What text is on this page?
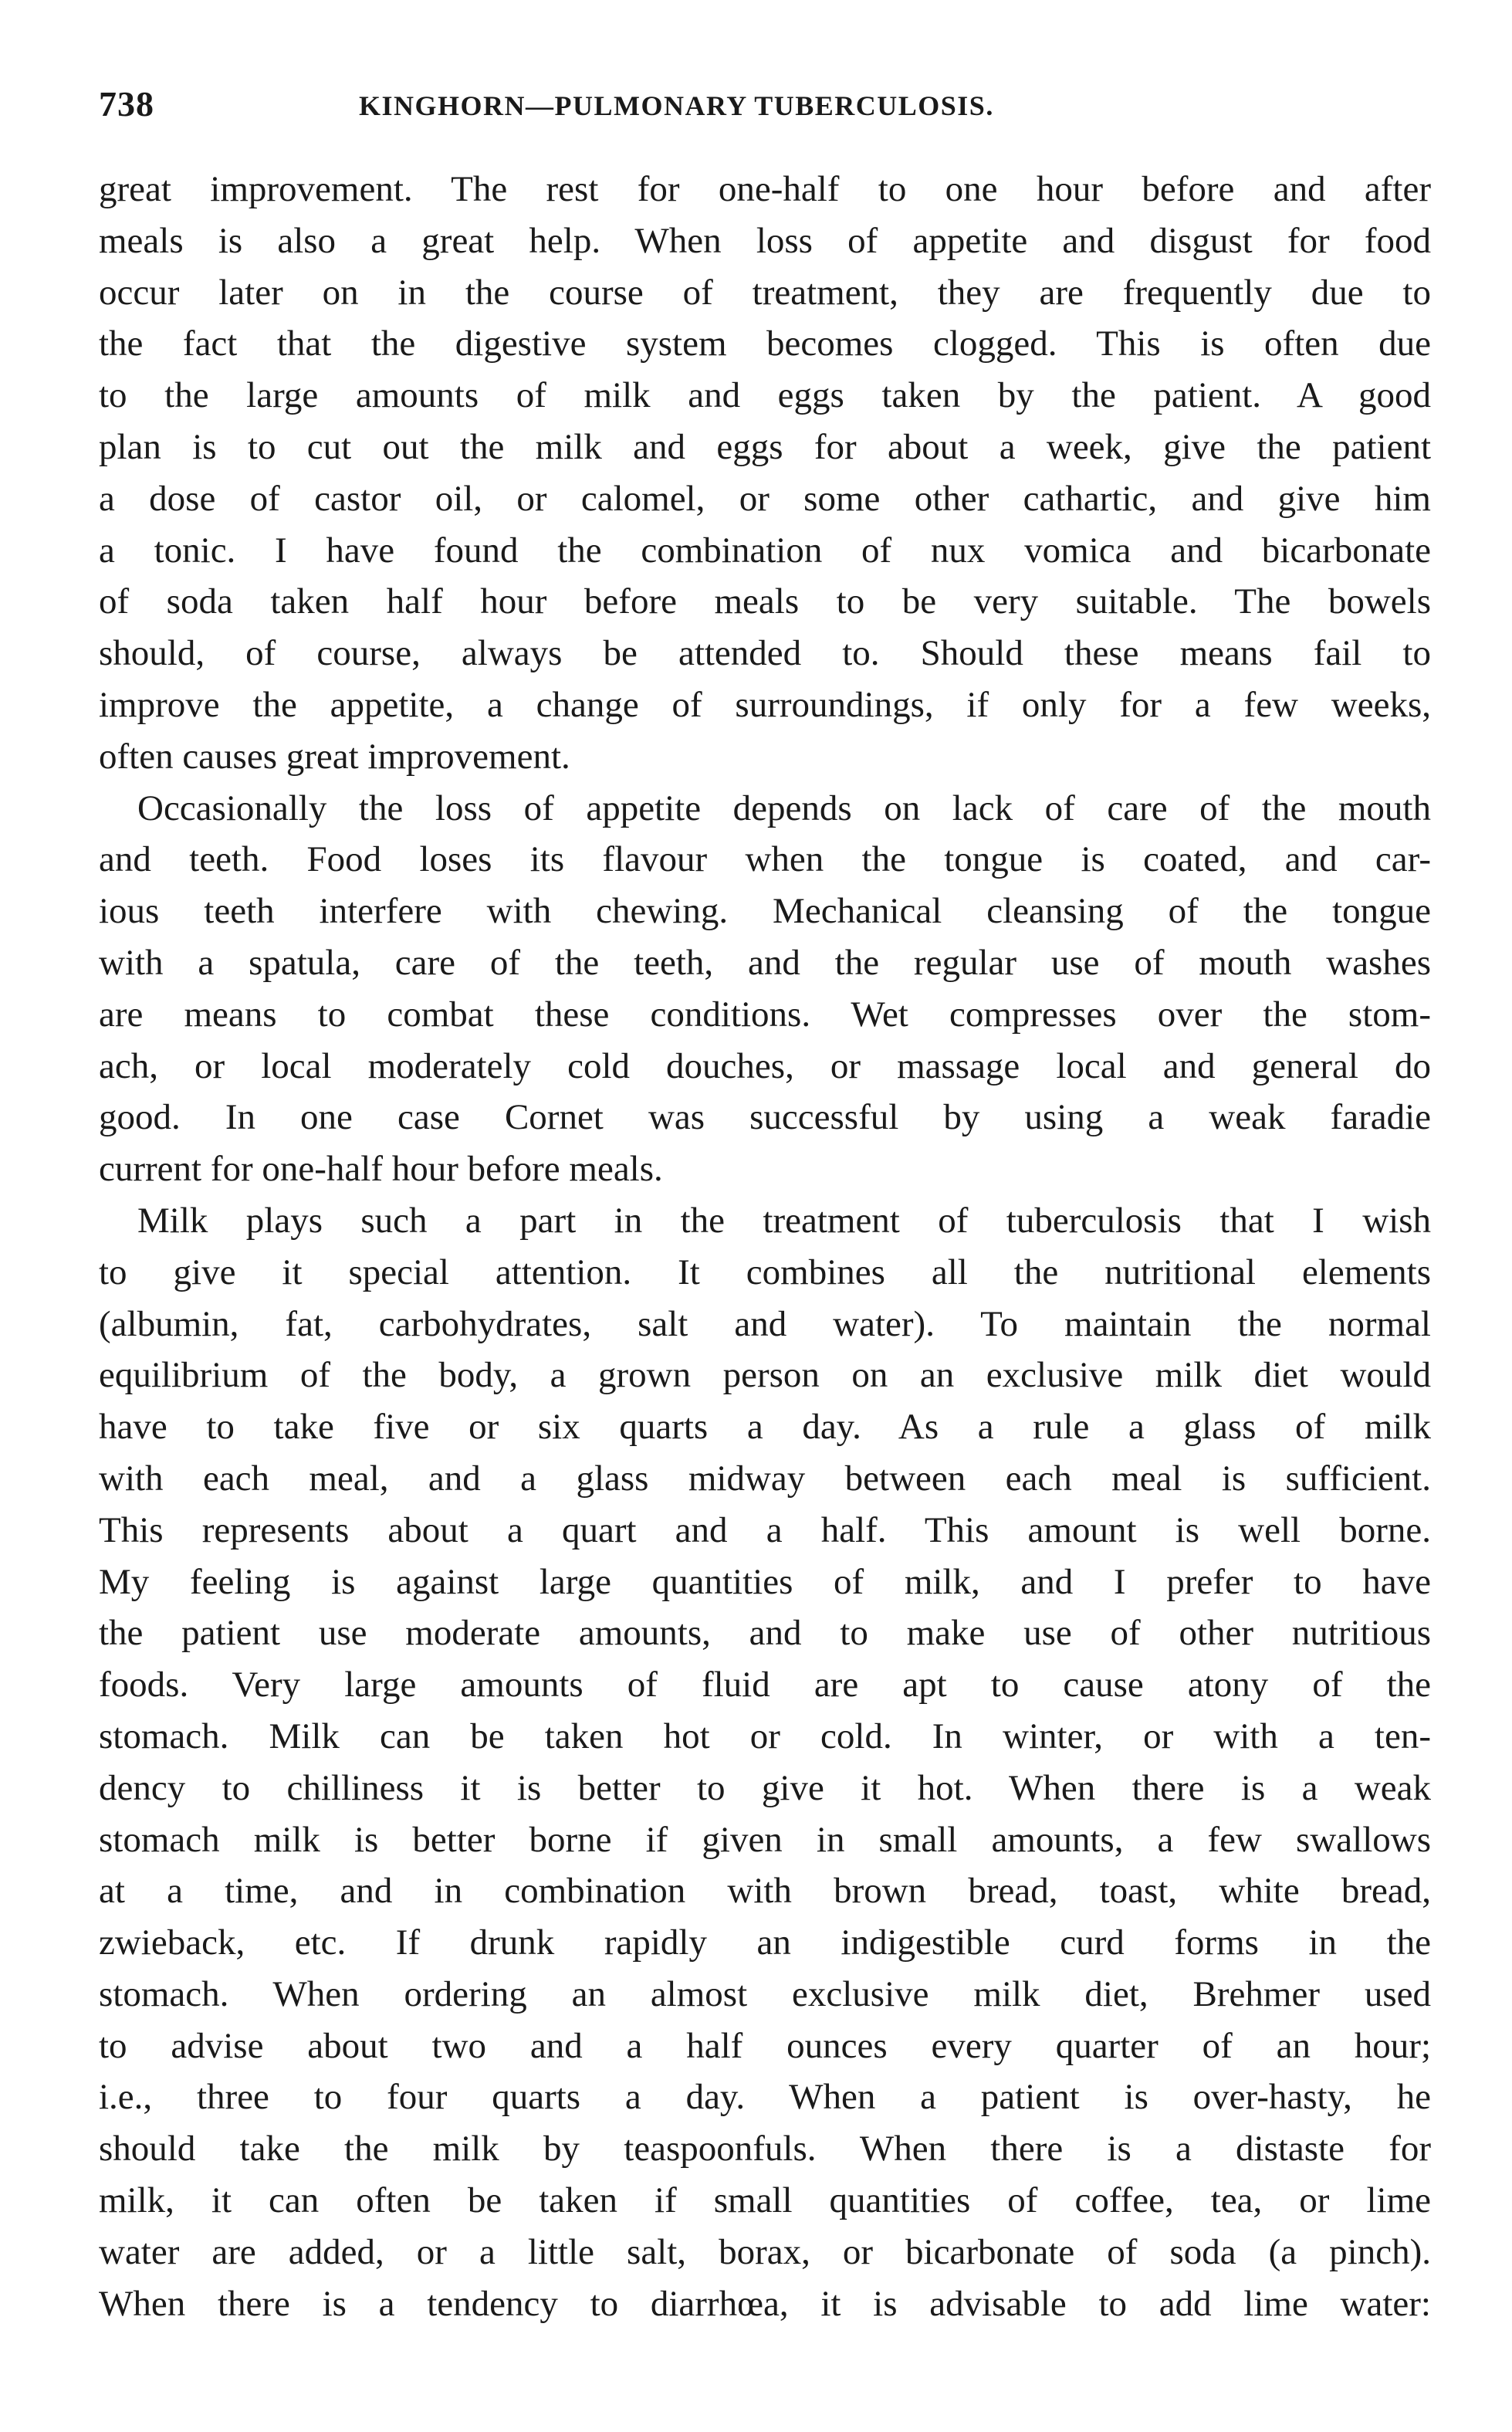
738	KINGHORN—PULMONARY TUBERCULOSIS.

great improvement. The rest for one-half to one hour before and after
meals is also a great help. When loss of appetite and disgust for food
occur later on in the course of treatment, they are frequently due to
the fact that the digestive system becomes clogged. This is often due
to the large amounts of milk and eggs taken by the patient. A good
plan is to cut out the milk and eggs for about a week, give the patient
a dose of castor oil, or calomel, or some other cathartic, and give him
a tonic. I have found the combination of nux vomica and bicarbonate
of soda taken half hour before meals to be very suitable. The bowels
should, of course, always be attended to. Should these means fail to
improve the appetite, a change of surroundings, if only for a few weeks,
often causes great improvement.

Occasionally the loss of appetite depends on lack of care of the mouth
and teeth. Food loses its flavour when the tongue is coated, and car-
ious teeth interfere with chewing. Mechanical cleansing of the tongue
with a spatula, care of the teeth, and the regular use of mouth washes
are means to combat these conditions. Wet compresses over the stom-
ach, or local moderately cold douches, or massage local and general do
good. In one case Cornet was successful by using a weak faradie
current for one-half hour before meals.

Milk plays such a part in the treatment of tuberculosis that I wish
to give it special attention. It combines all the nutritional elements
(albumin, fat, carbohydrates, salt and water). To maintain the normal
equilibrium of the body, a grown person on an exclusive milk diet would
have to take five or six quarts a day. As a rule a glass of milk
with each meal, and a glass midway between each meal is sufficient.
This represents about a quart and a half. This amount is well borne.
My feeling is against large quantities of milk, and I prefer to have
the patient use moderate amounts, and to make use of other nutritious
foods. Very large amounts of fluid are apt to cause atony of the
stomach. Milk can be taken hot or cold. In winter, or with a ten-
dency to chilliness it is better to give it hot. When there is a weak
stomach milk is better borne if given in small amounts, a few swallows
at a time, and in combination with brown bread, toast, white bread,
zwieback, etc. If drunk rapidly an indigestible curd forms in the
stomach. When ordering an almost exclusive milk diet, Brehmer used
to advise about two and a half ounces every quarter of an hour;
i.e., three to four quarts a day. When a patient is over-hasty, he
should take the milk by teaspoonfuls. When there is a distaste for
milk, it can often be taken if small quantities of coffee, tea, or lime
water are added, or a little salt, borax, or bicarbonate of soda (a pinch).
When there is a tendency to diarrhœa, it is advisable to add lime water:
